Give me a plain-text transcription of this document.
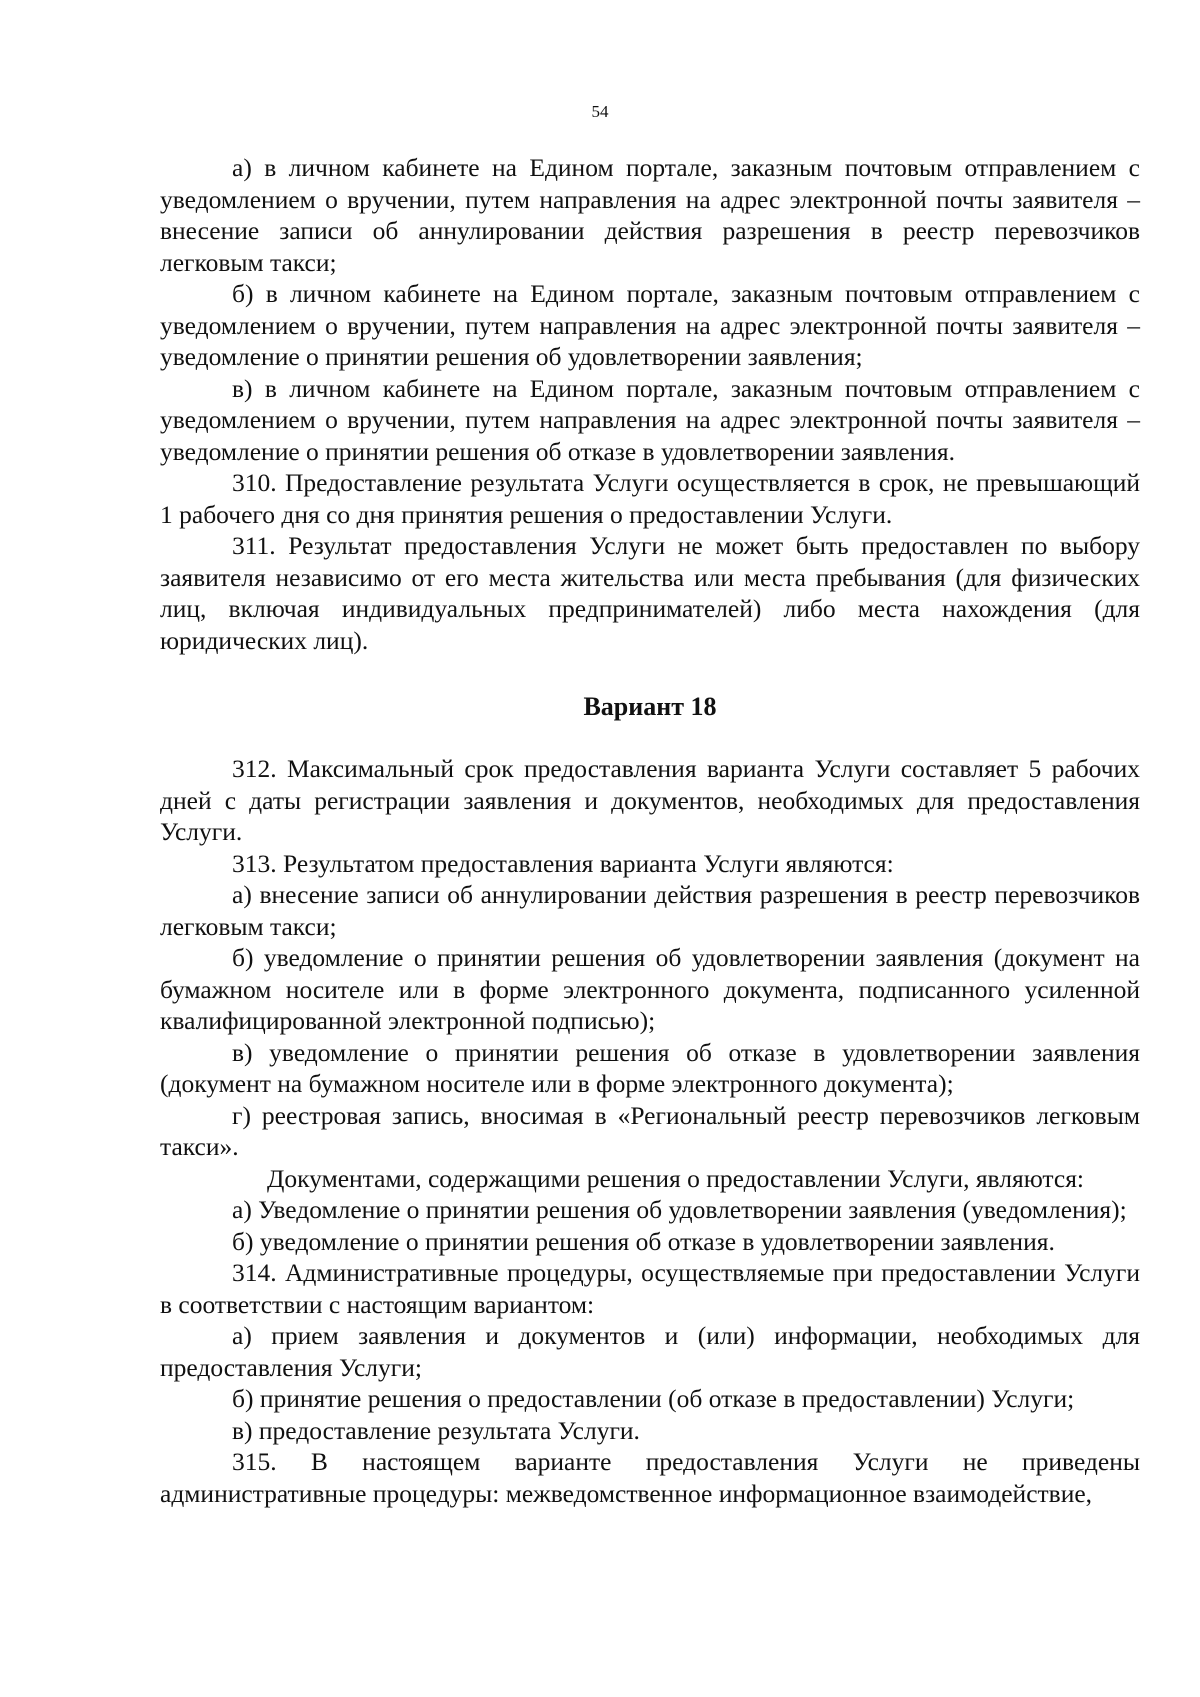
54

а) в личном кабинете на Едином портале, заказным почтовым отправлением с уведомлением о вручении, путем направления на адрес электронной почты заявителя – внесение записи об аннулировании действия разрешения в реестр перевозчиков легковым такси;

б) в личном кабинете на Едином портале, заказным почтовым отправлением с уведомлением о вручении, путем направления на адрес электронной почты заявителя – уведомление о принятии решения об удовлетворении заявления;

в) в личном кабинете на Едином портале, заказным почтовым отправлением с уведомлением о вручении, путем направления на адрес электронной почты заявителя – уведомление о принятии решения об отказе в удовлетворении заявления.

310. Предоставление результата Услуги осуществляется в срок, не превышающий 1 рабочего дня со дня принятия решения о предоставлении Услуги.

311. Результат предоставления Услуги не может быть предоставлен по выбору заявителя независимо от его места жительства или места пребывания (для физических лиц, включая индивидуальных предпринимателей) либо места нахождения (для юридических лиц).

Вариант 18

312. Максимальный срок предоставления варианта Услуги составляет 5 рабочих дней с даты регистрации заявления и документов, необходимых для предоставления Услуги.

313. Результатом предоставления варианта Услуги являются:

а) внесение записи об аннулировании действия разрешения в реестр перевозчиков легковым такси;

б) уведомление о принятии решения об удовлетворении заявления (документ на бумажном носителе или в форме электронного документа, подписанного усиленной квалифицированной электронной подписью);

в) уведомление о принятии решения об отказе в удовлетворении заявления (документ на бумажном носителе или в форме электронного документа);

г) реестровая запись, вносимая в «Региональный реестр перевозчиков легковым такси».

Документами, содержащими решения о предоставлении Услуги, являются:

а) Уведомление о принятии решения об удовлетворении заявления (уведомления);

б) уведомление о принятии решения об отказе в удовлетворении заявления.

314. Административные процедуры, осуществляемые при предоставлении Услуги в соответствии с настоящим вариантом:

а) прием заявления и документов и (или) информации, необходимых для предоставления Услуги;

б) принятие решения о предоставлении (об отказе в предоставлении) Услуги;

в) предоставление результата Услуги.

315. В настоящем варианте предоставления Услуги не приведены административные процедуры: межведомственное информационное взаимодействие,
